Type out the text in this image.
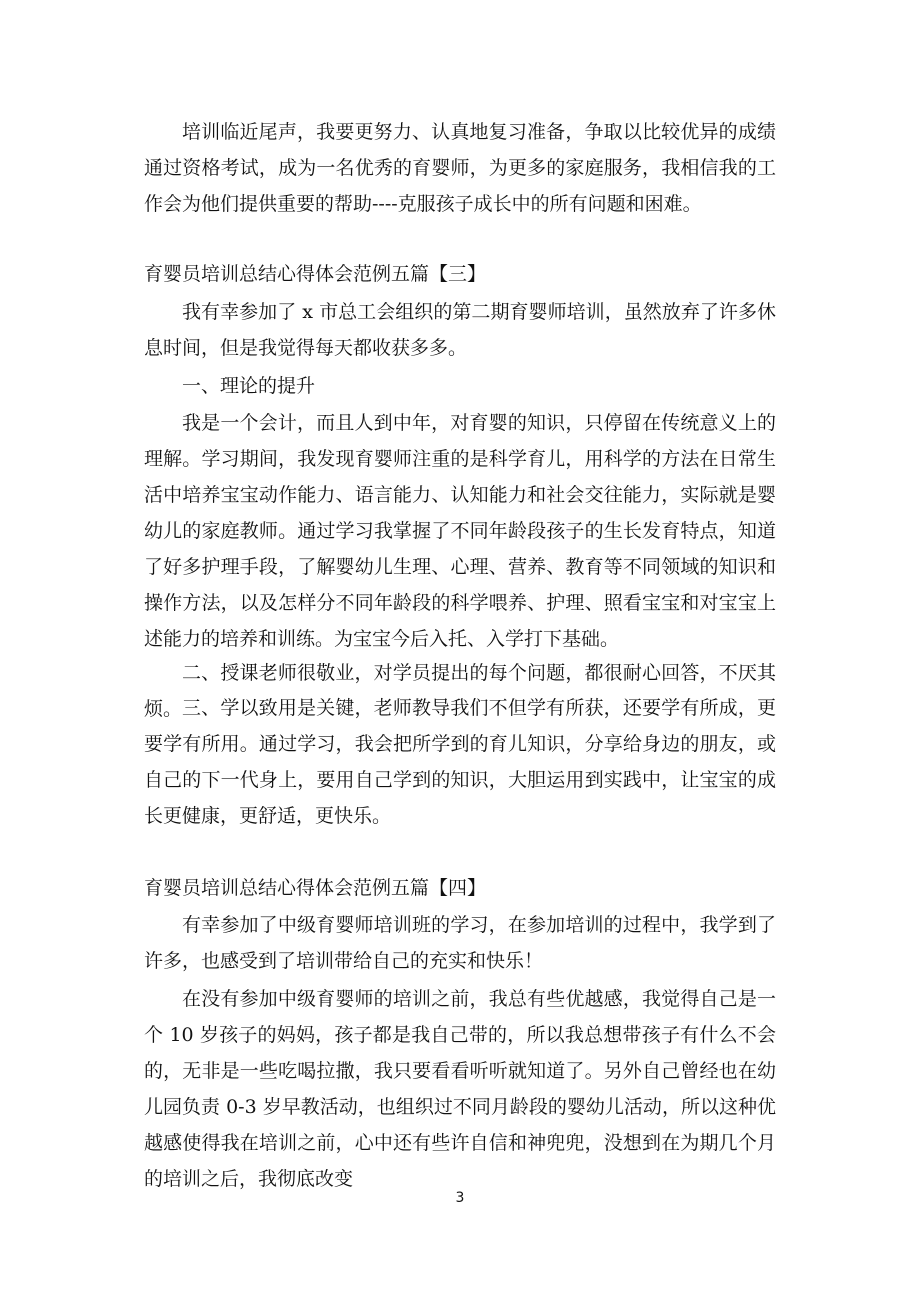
培训临近尾声，我要更努力、认真地复习准备，争取以比较优异的成绩通过资格考试，成为一名优秀的育婴师，为更多的家庭服务，我相信我的工作会为他们提供重要的帮助----克服孩子成长中的所有问题和困难。

育婴员培训总结心得体会范例五篇【三】

我有幸参加了 x 市总工会组织的第二期育婴师培训，虽然放弃了许多休息时间，但是我觉得每天都收获多多。

一、理论的提升

我是一个会计，而且人到中年，对育婴的知识，只停留在传统意义上的理解。学习期间，我发现育婴师注重的是科学育儿，用科学的方法在日常生活中培养宝宝动作能力、语言能力、认知能力和社会交往能力，实际就是婴幼儿的家庭教师。通过学习我掌握了不同年龄段孩子的生长发育特点，知道了好多护理手段，了解婴幼儿生理、心理、营养、教育等不同领域的知识和操作方法，以及怎样分不同年龄段的科学喂养、护理、照看宝宝和对宝宝上述能力的培养和训练。为宝宝今后入托、入学打下基础。

二、授课老师很敬业，对学员提出的每个问题，都很耐心回答，不厌其烦。 三、学以致用是关键，老师教导我们不但学有所获，还要学有所成，更要学有所用。通过学习，我会把所学到的育儿知识，分享给身边的朋友，或自己的下一代身上，要用自己学到的知识，大胆运用到实践中，让宝宝的成长更健康，更舒适，更快乐。

育婴员培训总结心得体会范例五篇【四】

有幸参加了中级育婴师培训班的学习，在参加培训的过程中，我学到了许多，也感受到了培训带给自己的充实和快乐！

在没有参加中级育婴师的培训之前，我总有些优越感，我觉得自己是一个 10 岁孩子的妈妈，孩子都是我自己带的，所以我总想带孩子有什么不会的，无非是一些吃喝拉撒，我只要看看听听就知道了。另外自己曾经也在幼儿园负责 0-3 岁早教活动，也组织过不同月龄段的婴幼儿活动，所以这种优越感使得我在培训之前，心中还有些许自信和神兜兜，没想到在为期几个月的培训之后，我彻底改变

3
